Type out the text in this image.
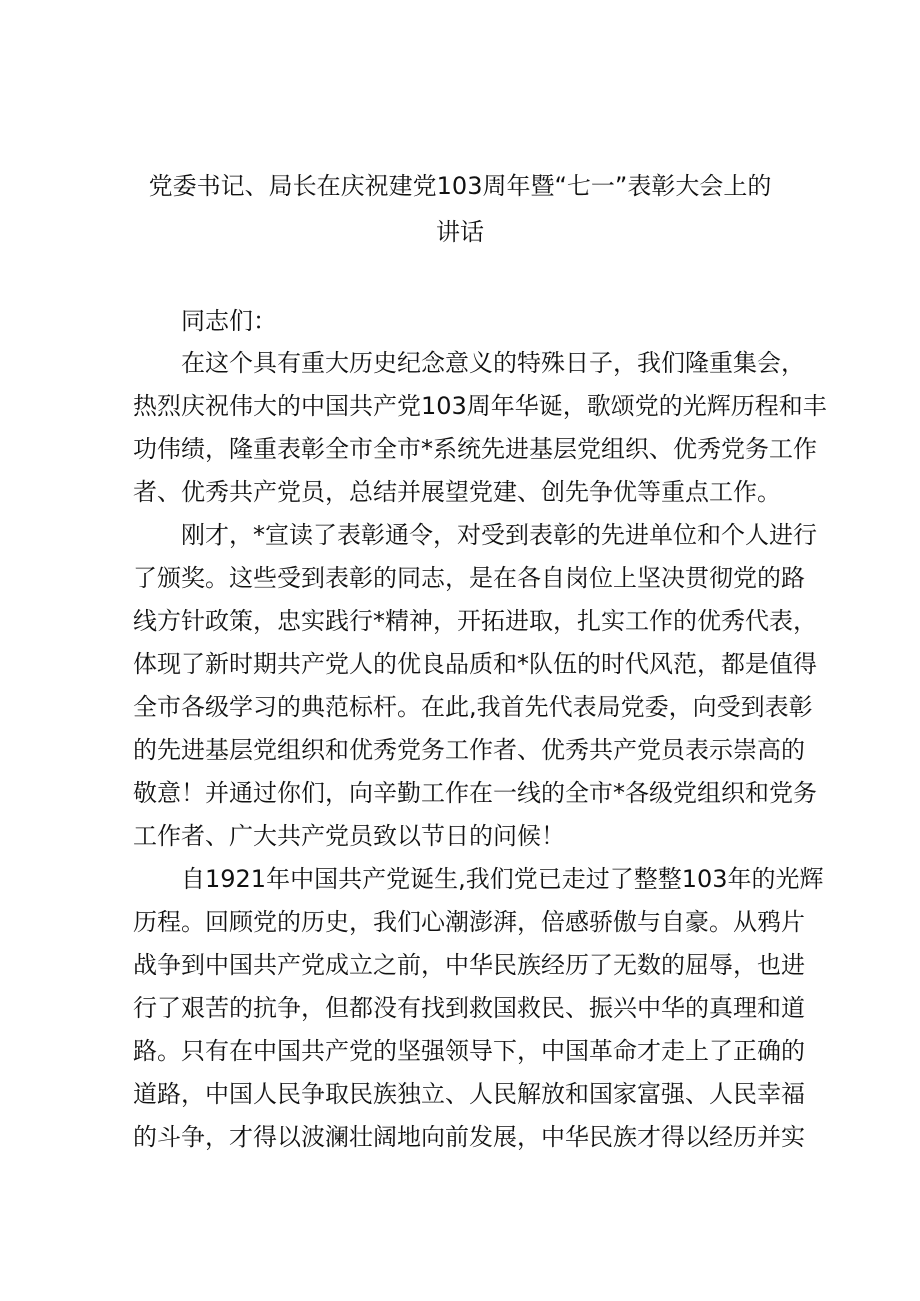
党委书记、局长在庆祝建党103周年暨“七一”表彰大会上的
讲话
同志们：
在这个具有重大历史纪念意义的特殊日子，我们隆重集会，
热烈庆祝伟大的中国共产党103周年华诞，歌颂党的光辉历程和丰
功伟绩，隆重表彰全市全市*系统先进基层党组织、优秀党务工作
者、优秀共产党员，总结并展望党建、创先争优等重点工作。
刚才，*宣读了表彰通令，对受到表彰的先进单位和个人进行
了颁奖。这些受到表彰的同志，是在各自岗位上坚决贯彻党的路
线方针政策，忠实践行*精神，开拓进取，扎实工作的优秀代表，
体现了新时期共产党人的优良品质和*队伍的时代风范，都是值得
全市各级学习的典范标杆。在此,我首先代表局党委，向受到表彰
的先进基层党组织和优秀党务工作者、优秀共产党员表示崇高的
敬意！并通过你们，向辛勤工作在一线的全市*各级党组织和党务
工作者、广大共产党员致以节日的问候！
自1921年中国共产党诞生,我们党已走过了整整103年的光辉
历程。回顾党的历史，我们心潮澎湃，倍感骄傲与自豪。从鸦片
战争到中国共产党成立之前，中华民族经历了无数的屈辱，也进
行了艰苦的抗争，但都没有找到救国救民、振兴中华的真理和道
路。只有在中国共产党的坚强领导下，中国革命才走上了正确的
道路，中国人民争取民族独立、人民解放和国家富强、人民幸福
的斗争，才得以波澜壮阔地向前发展，中华民族才得以经历并实
